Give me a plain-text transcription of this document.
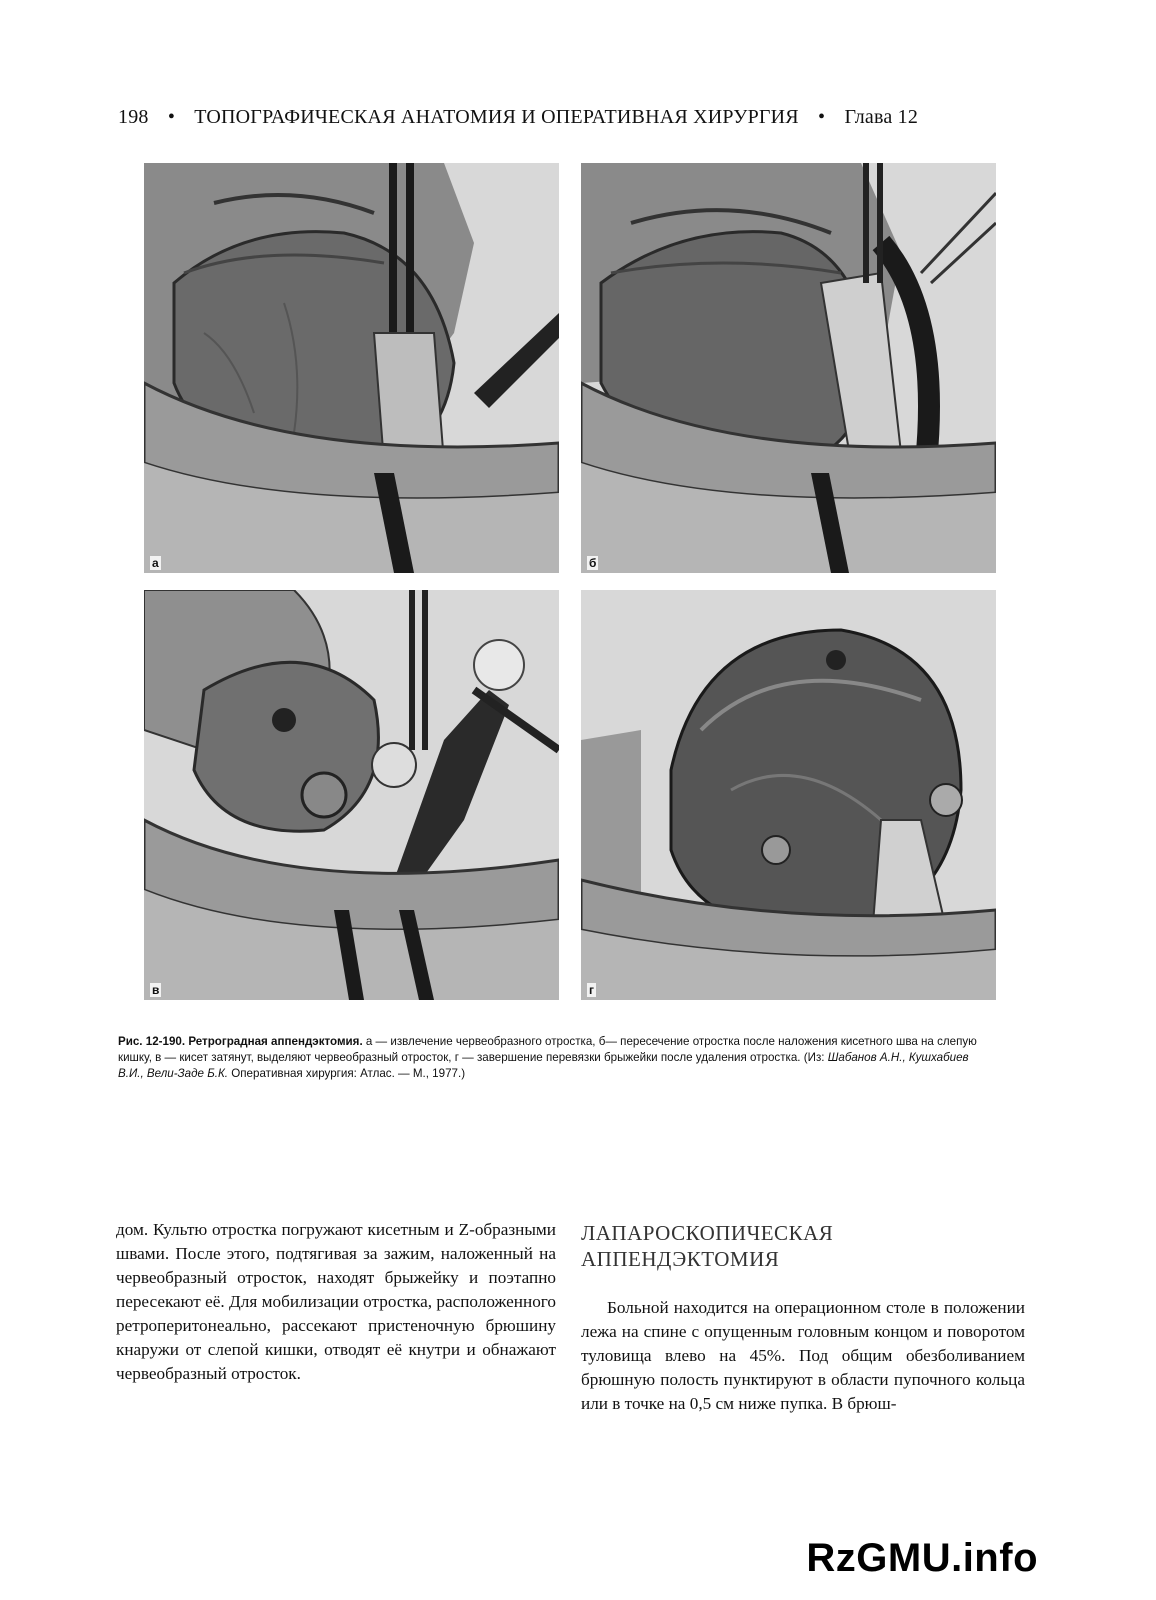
198 • ТОПОГРАФИЧЕСКАЯ АНАТОМИЯ И ОПЕРАТИВНАЯ ХИРУРГИЯ • Глава 12
а	б
в	г
Рис. 12-190. Ретроградная аппендэктомия. а — извлечение червеобразного отростка, б— пересечение отростка после наложения кисетного шва на слепую кишку, в — кисет затянут, выделяют червеобразный отросток, г — завершение перевязки брыжейки после удаления отростка. (Из: Шабанов А.Н., Кушхабиев В.И., Вели-Заде Б.К. Оперативная хирургия: Атлас. — М., 1977.)
дом. Культю отростка погружают кисетным и Z-образными швами. После этого, подтягивая за зажим, наложенный на червеобразный отросток, находят брыжейку и поэтапно пересекают её. Для мобилизации отростка, расположенного ретроперитонеально, рассекают пристеночную брюшину кнаружи от слепой кишки, отводят её кнутри и обнажают червеобразный отросток.
ЛАПАРОСКОПИЧЕСКАЯ
АППЕНДЭКТОМИЯ
Больной находится на операционном столе в положении лежа на спине с опущенным головным концом и поворотом туловища влево на 45%. Под общим обезболиванием брюшную полость пунктируют в области пупочного кольца или в точке на 0,5 см ниже пупка. В брюш-
RzGMU.info
